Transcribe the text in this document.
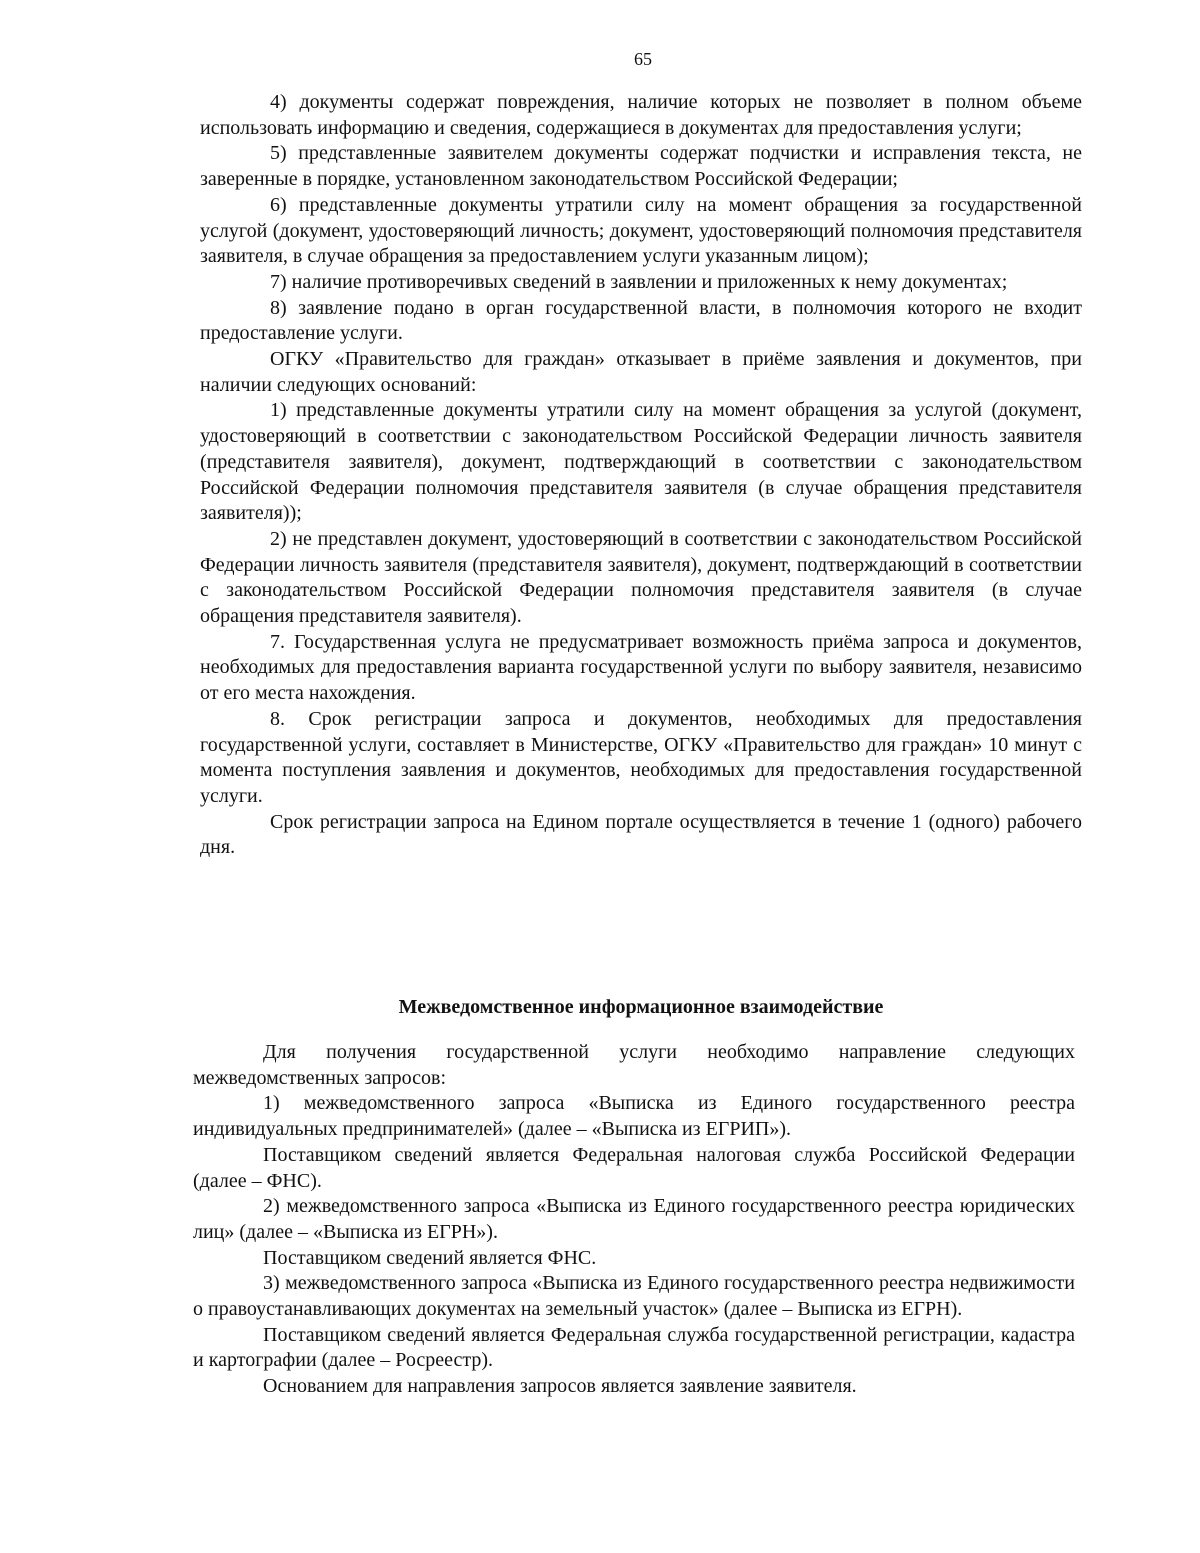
65

4) документы содержат повреждения, наличие которых не позволяет в полном объеме использовать информацию и сведения, содержащиеся в документах для предоставления услуги;

5) представленные заявителем документы содержат подчистки и исправления текста, не заверенные в порядке, установленном законодательством Российской Федерации;

6) представленные документы утратили силу на момент обращения за государственной услугой (документ, удостоверяющий личность; документ, удостоверяющий полномочия представителя заявителя, в случае обращения за предоставлением услуги указанным лицом);

7) наличие противоречивых сведений в заявлении и приложенных к нему документах;

8) заявление подано в орган государственной власти, в полномочия которого не входит предоставление услуги.

ОГКУ «Правительство для граждан» отказывает в приёме заявления и документов, при наличии следующих оснований:

1) представленные документы утратили силу на момент обращения за услугой (документ, удостоверяющий в соответствии с законодательством Российской Федерации личность заявителя (представителя заявителя), документ, подтверждающий в соответствии с законодательством Российской Федерации полномочия представителя заявителя (в случае обращения представителя заявителя));

2) не представлен документ, удостоверяющий в соответствии с законодательством Российской Федерации личность заявителя (представителя заявителя), документ, подтверждающий в соответствии с законодательством Российской Федерации полномочия представителя заявителя (в случае обращения представителя заявителя).

7. Государственная услуга не предусматривает возможность приёма запроса и документов, необходимых для предоставления варианта государственной услуги по выбору заявителя, независимо от его места нахождения.

8. Срок регистрации запроса и документов, необходимых для предоставления государственной услуги, составляет в Министерстве, ОГКУ «Правительство для граждан» 10 минут с момента поступления заявления и документов, необходимых для предоставления государственной услуги.

Срок регистрации запроса на Едином портале осуществляется в течение 1 (одного) рабочего дня.

Межведомственное информационное взаимодействие

Для получения государственной услуги необходимо направление следующих межведомственных запросов:

1) межведомственного запроса «Выписка из Единого государственного реестра индивидуальных предпринимателей» (далее – «Выписка из ЕГРИП»).

Поставщиком сведений является Федеральная налоговая служба Российской Федерации (далее – ФНС).

2) межведомственного запроса «Выписка из Единого государственного реестра юридических лиц» (далее – «Выписка из ЕГРН»).

Поставщиком сведений является ФНС.

3) межведомственного запроса «Выписка из Единого государственного реестра недвижимости о правоустанавливающих документах на земельный участок» (далее – Выписка из ЕГРН).

Поставщиком сведений является Федеральная служба государственной регистрации, кадастра и картографии (далее – Росреестр).

Основанием для направления запросов является заявление заявителя.
